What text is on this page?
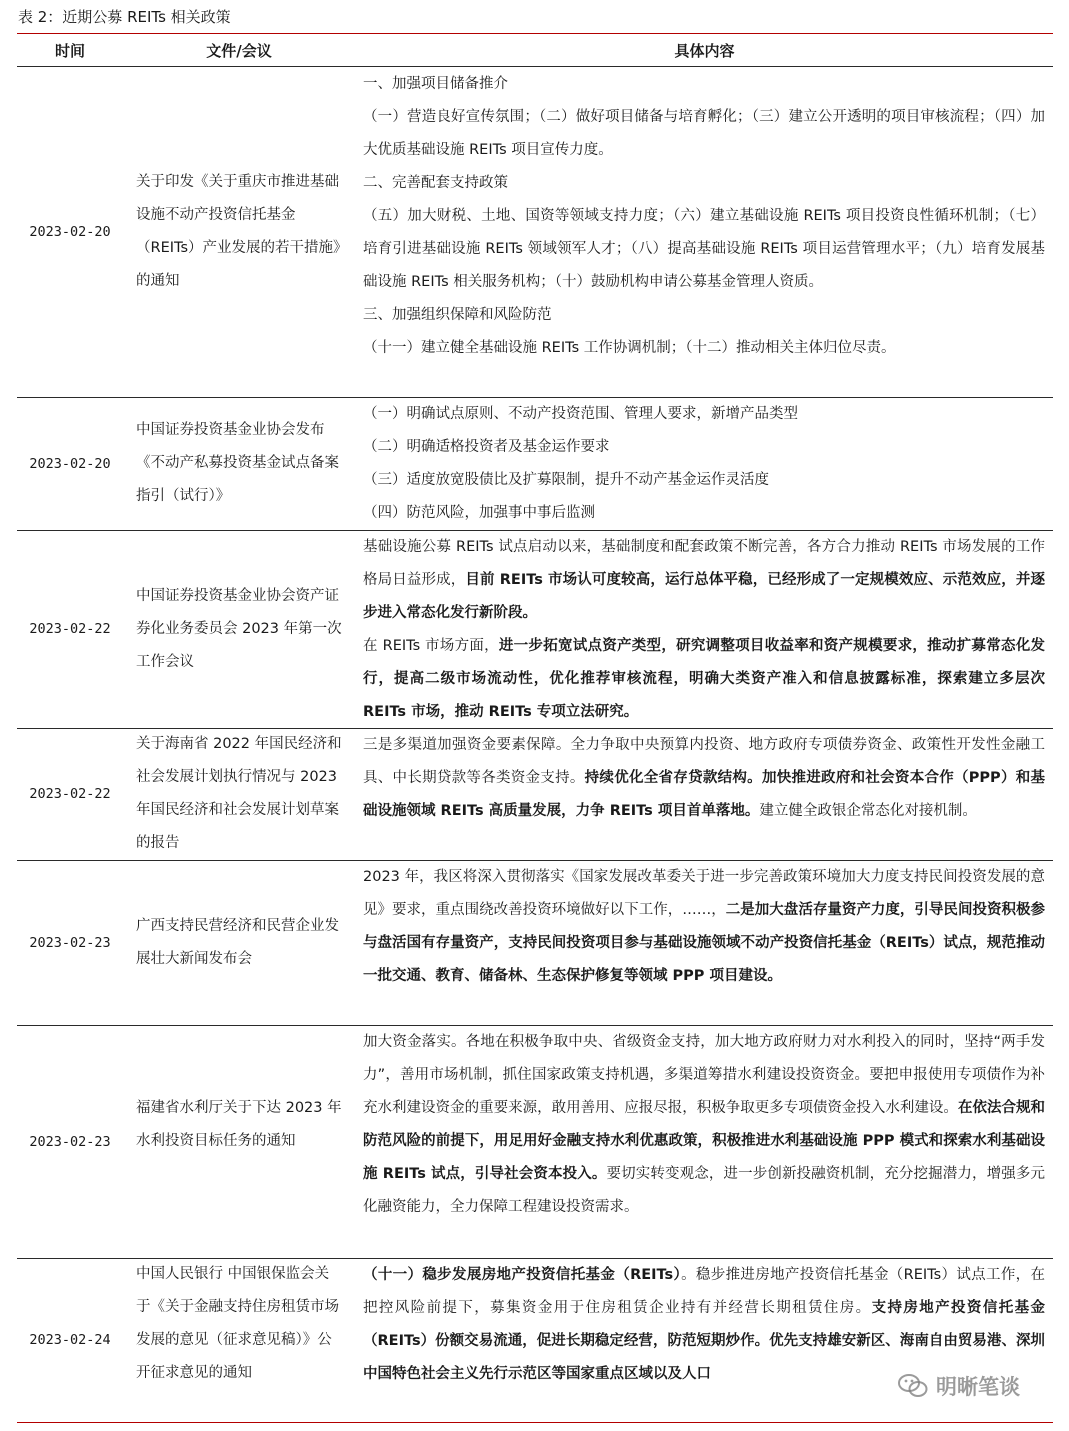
表 2：近期公募 REITs 相关政策
时间	文件/会议	具体内容
2023-02-20
关于印发《关于重庆市推进基础设施不动产投资信托基金（REITs）产业发展的若干措施》的通知

一、加强项目储备推介

（一）营造良好宣传氛围；（二）做好项目储备与培育孵化；（三）建立公开透明的项目审核流程；（四）加大优质基础设施 REITs 项目宣传力度。

二、完善配套支持政策

（五）加大财税、土地、国资等领域支持力度；（六）建立基础设施 REITs 项目投资良性循环机制；（七）培育引进基础设施 REITs 领域领军人才；（八）提高基础设施 REITs 项目运营管理水平；（九）培育发展基础设施 REITs 相关服务机构；（十）鼓励机构申请公募基金管理人资质。

三、加强组织保障和风险防范

（十一）建立健全基础设施 REITs 工作协调机制；（十二）推动相关主体归位尽责。

2023-02-20
中国证券投资基金业协会发布《不动产私募投资基金试点备案指引（试行）》

（一）明确试点原则、不动产投资范围、管理人要求，新增产品类型

（二）明确适格投资者及基金运作要求

（三）适度放宽股债比及扩募限制，提升不动产基金运作灵活度

（四）防范风险，加强事中事后监测

2023-02-22
中国证券投资基金业协会资产证券化业务委员会 2023 年第一次工作会议

基础设施公募 REITs 试点启动以来，基础制度和配套政策不断完善，各方合力推动 REITs 市场发展的工作格局日益形成，目前 REITs 市场认可度较高，运行总体平稳，已经形成了一定规模效应、示范效应，并逐步进入常态化发行新阶段。

在 REITs 市场方面，进一步拓宽试点资产类型，研究调整项目收益率和资产规模要求，推动扩募常态化发行，提高二级市场流动性，优化推荐审核流程，明确大类资产准入和信息披露标准，探索建立多层次 REITs 市场，推动 REITs 专项立法研究。

2023-02-22
关于海南省 2022 年国民经济和社会发展计划执行情况与 2023 年国民经济和社会发展计划草案的报告

三是多渠道加强资金要素保障。全力争取中央预算内投资、地方政府专项债券资金、政策性开发性金融工具、中长期贷款等各类资金支持。持续优化全省存贷款结构。加快推进政府和社会资本合作（PPP）和基础设施领域 REITs 高质量发展，力争 REITs 项目首单落地。建立健全政银企常态化对接机制。

2023-02-23
广西支持民营经济和民营企业发展壮大新闻发布会

2023 年，我区将深入贯彻落实《国家发展改革委关于进一步完善政策环境加大力度支持民间投资发展的意见》要求，重点围绕改善投资环境做好以下工作，……，二是加大盘活存量资产力度，引导民间投资积极参与盘活国有存量资产，支持民间投资项目参与基础设施领域不动产投资信托基金（REITs）试点，规范推动一批交通、教育、储备林、生态保护修复等领域 PPP 项目建设。

2023-02-23
福建省水利厅关于下达 2023 年水利投资目标任务的通知

加大资金落实。各地在积极争取中央、省级资金支持，加大地方政府财力对水利投入的同时，坚持“两手发力”，善用市场机制，抓住国家政策支持机遇，多渠道筹措水利建设投资资金。要把申报使用专项债作为补充水利建设资金的重要来源，敢用善用、应报尽报，积极争取更多专项债资金投入水利建设。在依法合规和防范风险的前提下，用足用好金融支持水利优惠政策，积极推进水利基础设施 PPP 模式和探索水利基础设施 REITs 试点，引导社会资本投入。要切实转变观念，进一步创新投融资机制，充分挖掘潜力，增强多元化融资能力，全力保障工程建设投资需求。

2023-02-24
中国人民银行 中国银保监会关于《关于金融支持住房租赁市场发展的意见（征求意见稿）》公开征求意见的通知

（十一）稳步发展房地产投资信托基金（REITs）。稳步推进房地产投资信托基金（REITs）试点工作，在把控风险前提下，募集资金用于住房租赁企业持有并经营长期租赁住房。支持房地产投资信托基金（REITs）份额交易流通，促进长期稳定经营，防范短期炒作。优先支持雄安新区、海南自由贸易港、深圳中国特色社会主义先行示范区等国家重点区域以及人口

明晰笔谈
